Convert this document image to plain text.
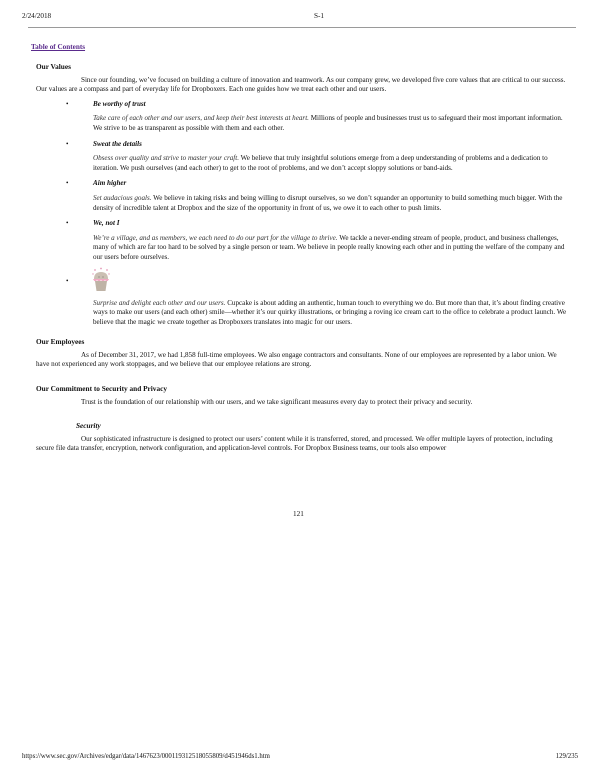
2/24/2018	S-1
Table of Contents
Our Values

Since our founding, we’ve focused on building a culture of innovation and teamwork. As our company grew, we developed five core values that are critical to our success. Our values are a compass and part of everyday life for Dropboxers. Each one guides how we treat each other and our users.

•	Be worthy of trust
Take care of each other and our users, and keep their best interests at heart. Millions of people and businesses trust us to safeguard their most important information. We strive to be as transparent as possible with them and each other.
•	Sweat the details
Obsess over quality and strive to master your craft. We believe that truly insightful solutions emerge from a deep understanding of problems and a dedication to iteration. We push ourselves (and each other) to get to the root of problems, and we don’t accept sloppy solutions or band-aids.
•	Aim higher
Set audacious goals. We believe in taking risks and being willing to disrupt ourselves, so we don’t squander an opportunity to build something much bigger. With the density of incredible talent at Dropbox and the size of the opportunity in front of us, we owe it to each other to push limits.
•	We, not I
We’re a village, and as members, we each need to do our part for the village to thrive. We tackle a never-ending stream of people, product, and business challenges, many of which are far too hard to be solved by a single person or team. We believe in people really knowing each other and in putting the welfare of the company and our users before ourselves.
•
Surprise and delight each other and our users. Cupcake is about adding an authentic, human touch to everything we do. But more than that, it’s about finding creative ways to make our users (and each other) smile—whether it’s our quirky illustrations, or bringing a roving ice cream cart to the office to celebrate a product launch. We believe that the magic we create together as Dropboxers translates into magic for our users.
Our Employees

As of December 31, 2017, we had 1,858 full-time employees. We also engage contractors and consultants. None of our employees are represented by a labor union. We have not experienced any work stoppages, and we believe that our employee relations are strong.

Our Commitment to Security and Privacy

Trust is the foundation of our relationship with our users, and we take significant measures every day to protect their privacy and security.

Security

Our sophisticated infrastructure is designed to protect our users’ content while it is transferred, stored, and processed. We offer multiple layers of protection, including secure file data transfer, encryption, network configuration, and application-level controls. For Dropbox Business teams, our tools also empower

121
https://www.sec.gov/Archives/edgar/data/1467623/000119312518055809/d451946ds1.htm	129/235
